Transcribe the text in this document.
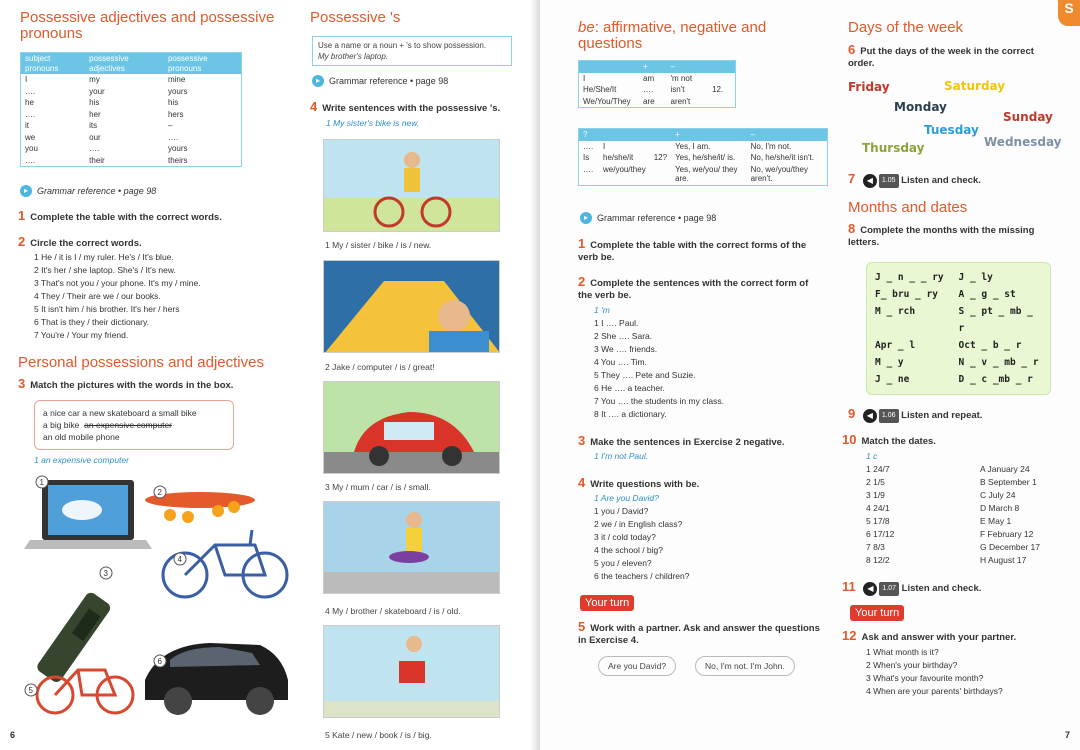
Possessive adjectives and possessive pronouns
subject pronouns	possessive adjectives	possessive pronouns
I	my	mine
….	your	yours
he	his	his
….	her	hers
it	its	–
we	our	….
you	….	yours
….	their	theirs
▸	Grammar reference • page 98
1 Complete the table with the correct words.
2 Circle the correct words.
1 He / it is I / my ruler. He's / It's blue.
2 It's her / she laptop. She's / It's new.
3 That's not you / your phone. It's my / mine.
4 They / Their are we / our books.
5 It isn't him / his brother. It's her / hers
6 That is they / their dictionary.
7 You're / Your my friend.
Personal possessions and adjectives
3 Match the pictures with the words in the box.
a nice car a new skateboard a small bike
a big bike an expensive computer
an old mobile phone
1 an expensive computer
1
2
3
4
5
6
6
Possessive 's
Use a name or a noun + 's to show possession.
My brother's laptop.
▸	Grammar reference • page 98
4 Write sentences with the possessive 's.
1 My sister's bike is new.
1 My / sister / bike / is / new.
2 Jake / computer / is / great!
3 My / mum / car / is / small.
4 My / brother / skateboard / is / old.
5 Kate / new / book / is / big.
be: affirmative, negative and questions
	+	–	
I	am	'm not	
He/She/It	….	isn't	12.
We/You/They	are	aren't	
?			+	–
….	I		Yes, I am.	No, I'm not.
Is	he/she/it	12?	Yes, he/she/it/ is.	No, he/she/it isn't.
….	we/you/they		Yes, we/you/ they are.	No, we/you/they aren't.
▸	Grammar reference • page 98
1 Complete the table with the correct forms of the verb be.
2 Complete the sentences with the correct form of the verb be.
1 'm
1 I …. Paul.
2 She …. Sara.
3 We …. friends.
4 You …. Tim.
5 They …. Pete and Suzie.
6 He …. a teacher.
7 You …. the students in my class.
8 It …. a dictionary.
3 Make the sentences in Exercise 2 negative.
1 I'm not Paul.
4 Write questions with be.
1 Are you David?
1 you / David?
2 we / in English class?
3 it / cold today?
4 the school / big?
5 you / eleven?
6 the teachers / children?
Your turn
5 Work with a partner. Ask and answer the questions in Exercise 4.
Are you David?	No, I'm not. I'm John.
S
Days of the week
6 Put the days of the week in the correct order.
Friday	Saturday
Monday
Sunday
Tuesday
Wednesday
Thursday
7	◀	1.05 Listen and check.
Months and dates
8 Complete the months with the missing letters.
J _ n _ _ ry	J _ ly
F_ bru _ ry	A _ g _ st
M _ rch	S _ pt _ mb _ r
Apr _ l	Oct _ b _ r
M _ y	N _ v _ mb _ r
J _ ne	D _ c _mb _ r
9	◀	1.06 Listen and repeat.
10 Match the dates.
1 c
1 24/7
2 1/5
3 1/9
4 24/1
5 17/8
6 17/12
7 8/3
8 12/2
A January 24
B September 1
C July 24
D March 8
E May 1
F February 12
G December 17
H August 17
11	◀	1.07 Listen and check.
Your turn
12 Ask and answer with your partner.
1 What month is it?
2 When's your birthday?
3 What's your favourite month?
4 When are your parents' birthdays?
7
